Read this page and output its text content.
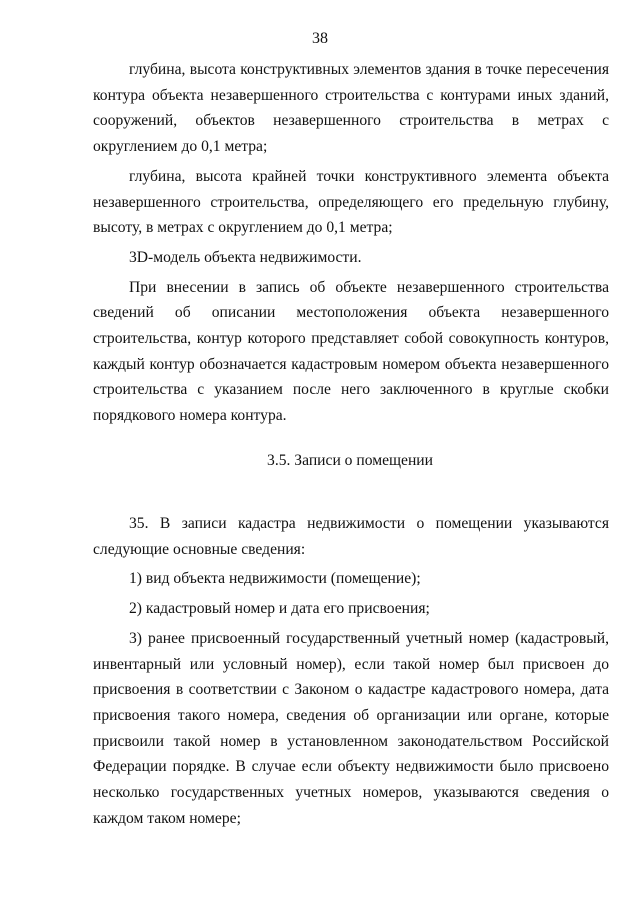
38

глубина, высота конструктивных элементов здания в точке пересечения контура объекта незавершенного строительства с контурами иных зданий, сооружений, объектов незавершенного строительства в метрах с округлением до 0,1 метра;

глубина, высота крайней точки конструктивного элемента объекта незавершенного строительства, определяющего его предельную глубину, высоту, в метрах с округлением до 0,1 метра;

3D-модель объекта недвижимости.

При внесении в запись об объекте незавершенного строительства сведений об описании местоположения объекта незавершенного строительства, контур которого представляет собой совокупность контуров, каждый контур обозначается кадастровым номером объекта незавершенного строительства с указанием после него заключенного в круглые скобки порядкового номера контура.

3.5. Записи о помещении

35. В записи кадастра недвижимости о помещении указываются следующие основные сведения:

1) вид объекта недвижимости (помещение);

2) кадастровый номер и дата его присвоения;

3) ранее присвоенный государственный учетный номер (кадастровый, инвентарный или условный номер), если такой номер был присвоен до присвоения в соответствии с Законом о кадастре кадастрового номера, дата присвоения такого номера, сведения об организации или органе, которые присвоили такой номер в установленном законодательством Российской Федерации порядке. В случае если объекту недвижимости было присвоено несколько государственных учетных номеров, указываются сведения о каждом таком номере;
